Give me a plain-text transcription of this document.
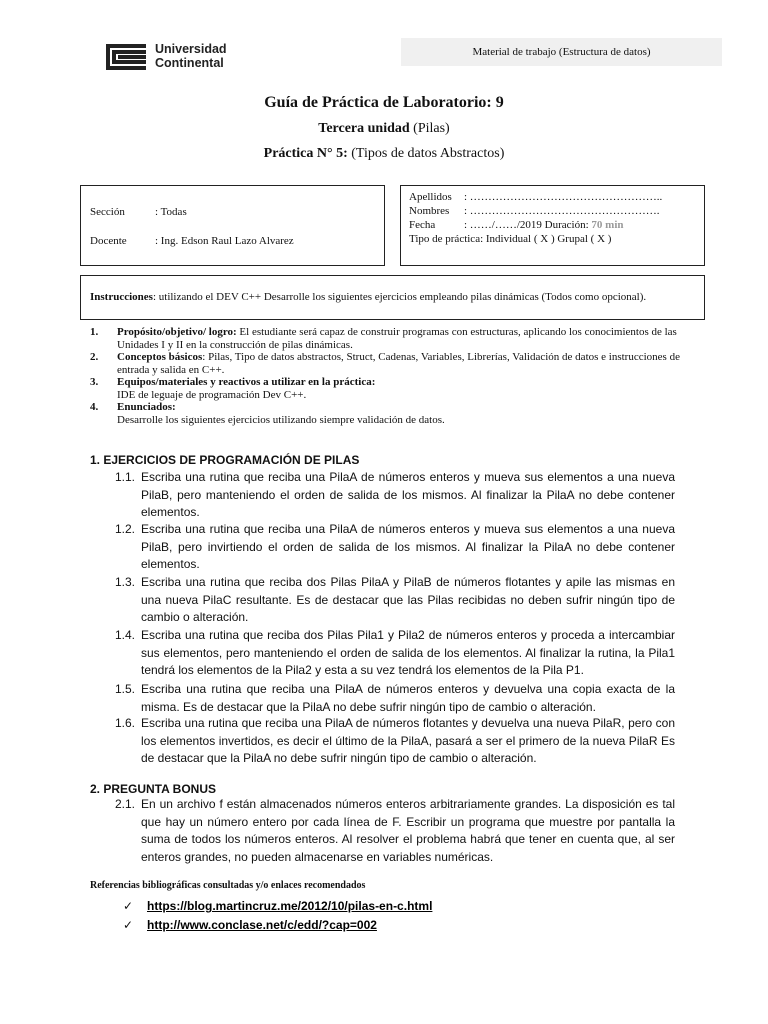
Universidad
Continental
Material de trabajo (Estructura de datos)
Guía de Práctica de Laboratorio: 9
Tercera unidad (Pilas)
Práctica N° 5: (Tipos de datos Abstractos)
Sección	: Todas
Docente	: Ing. Edson Raul Lazo Alvarez
Apellidos : ……………………………………………..
Nombres : …………………………………………….
Fecha	: ……/……/2019 Duración: 70 min
Tipo de práctica: Individual ( X ) Grupal ( X )
Instrucciones: utilizando el DEV C++ Desarrolle los siguientes ejercicios empleando pilas dinámicas (Todos como opcional).
1. Propósito/objetivo/ logro: El estudiante será capaz de construir programas con estructuras, aplicando los conocimientos de las Unidades I y II en la construcción de pilas dinámicas.
2. Conceptos básicos: Pilas, Tipo de datos abstractos, Struct, Cadenas, Variables, Librerías, Validación de datos e instrucciones de entrada y salida en C++.
3. Equipos/materiales y reactivos a utilizar en la práctica:
IDE de leguaje de programación Dev C++.
4. Enunciados:
Desarrolle los siguientes ejercicios utilizando siempre validación de datos.
1. EJERCICIOS DE PROGRAMACIÓN DE PILAS
1.1. Escriba una rutina que reciba una PilaA de números enteros y mueva sus elementos a una nueva PilaB, pero manteniendo el orden de salida de los mismos. Al finalizar la PilaA no debe contener elementos.
1.2. Escriba una rutina que reciba una PilaA de números enteros y mueva sus elementos a una nueva PilaB, pero invirtiendo el orden de salida de los mismos. Al finalizar la PilaA no debe contener elementos.
1.3. Escriba una rutina que reciba dos Pilas PilaA y PilaB de números flotantes y apile las mismas en una nueva PilaC resultante. Es de destacar que las Pilas recibidas no deben sufrir ningún tipo de cambio o alteración.
1.4. Escriba una rutina que reciba dos Pilas Pila1 y Pila2 de números enteros y proceda a intercambiar sus elementos, pero manteniendo el orden de salida de los elementos. Al finalizar la rutina, la Pila1 tendrá los elementos de la Pila2 y esta a su vez tendrá los elementos de la Pila P1.
1.5. Escriba una rutina que reciba una PilaA de números enteros y devuelva una copia exacta de la misma. Es de destacar que la PilaA no debe sufrir ningún tipo de cambio o alteración.
1.6. Escriba una rutina que reciba una PilaA de números flotantes y devuelva una nueva PilaR, pero con los elementos invertidos, es decir el último de la PilaA, pasará a ser el primero de la nueva PilaR Es de destacar que la PilaA no debe sufrir ningún tipo de cambio o alteración.
2. PREGUNTA BONUS
2.1. En un archivo f están almacenados números enteros arbitrariamente grandes. La disposición es tal que hay un número entero por cada línea de F. Escribir un programa que muestre por pantalla la suma de todos los números enteros. Al resolver el problema habrá que tener en cuenta que, al ser enteros grandes, no pueden almacenarse en variables numéricas.
Referencias bibliográficas consultadas y/o enlaces recomendados
✓ https://blog.martincruz.me/2012/10/pilas-en-c.html
✓ http://www.conclase.net/c/edd/?cap=002
